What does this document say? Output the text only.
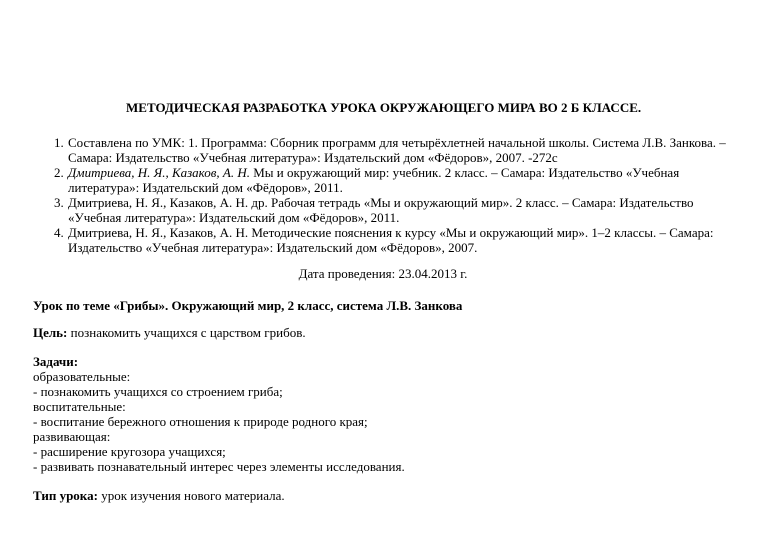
МЕТОДИЧЕСКАЯ РАЗРАБОТКА УРОКА ОКРУЖАЮЩЕГО МИРА ВО 2 Б КЛАССЕ.
1. Составлена по УМК: 1. Программа: Сборник программ для четырёхлетней начальной школы. Система Л.В. Занкова. – Самара: Издательство «Учебная литература»: Издательский дом «Фёдоров», 2007. -272с
2. Дмитриева, Н. Я., Казаков, А. Н. Мы и окружающий мир: учебник. 2 класс. – Самара: Издательство «Учебная литература»: Издательский дом «Фёдоров», 2011.
3. Дмитриева, Н. Я., Казаков, А. Н. др. Рабочая тетрадь «Мы и окружающий мир». 2 класс. – Самара: Издательство «Учебная литература»: Издательский дом «Фёдоров», 2011.
4. Дмитриева, Н. Я., Казаков, А. Н. Методические пояснения к курсу «Мы и окружающий мир». 1–2 классы. – Самара: Издательство «Учебная литература»: Издательский дом «Фёдоров», 2007.
Дата проведения: 23.04.2013 г.
Урок по теме «Грибы». Окружающий мир, 2 класс, система Л.В. Занкова
Цель: познакомить учащихся с царством грибов.
Задачи:
образовательные:
- познакомить учащихся со строением гриба;
воспитательные:
- воспитание бережного отношения к природе родного края;
развивающая:
- расширение кругозора учащихся;
- развивать познавательный интерес через элементы исследования.
Тип урока: урок изучения нового материала.
